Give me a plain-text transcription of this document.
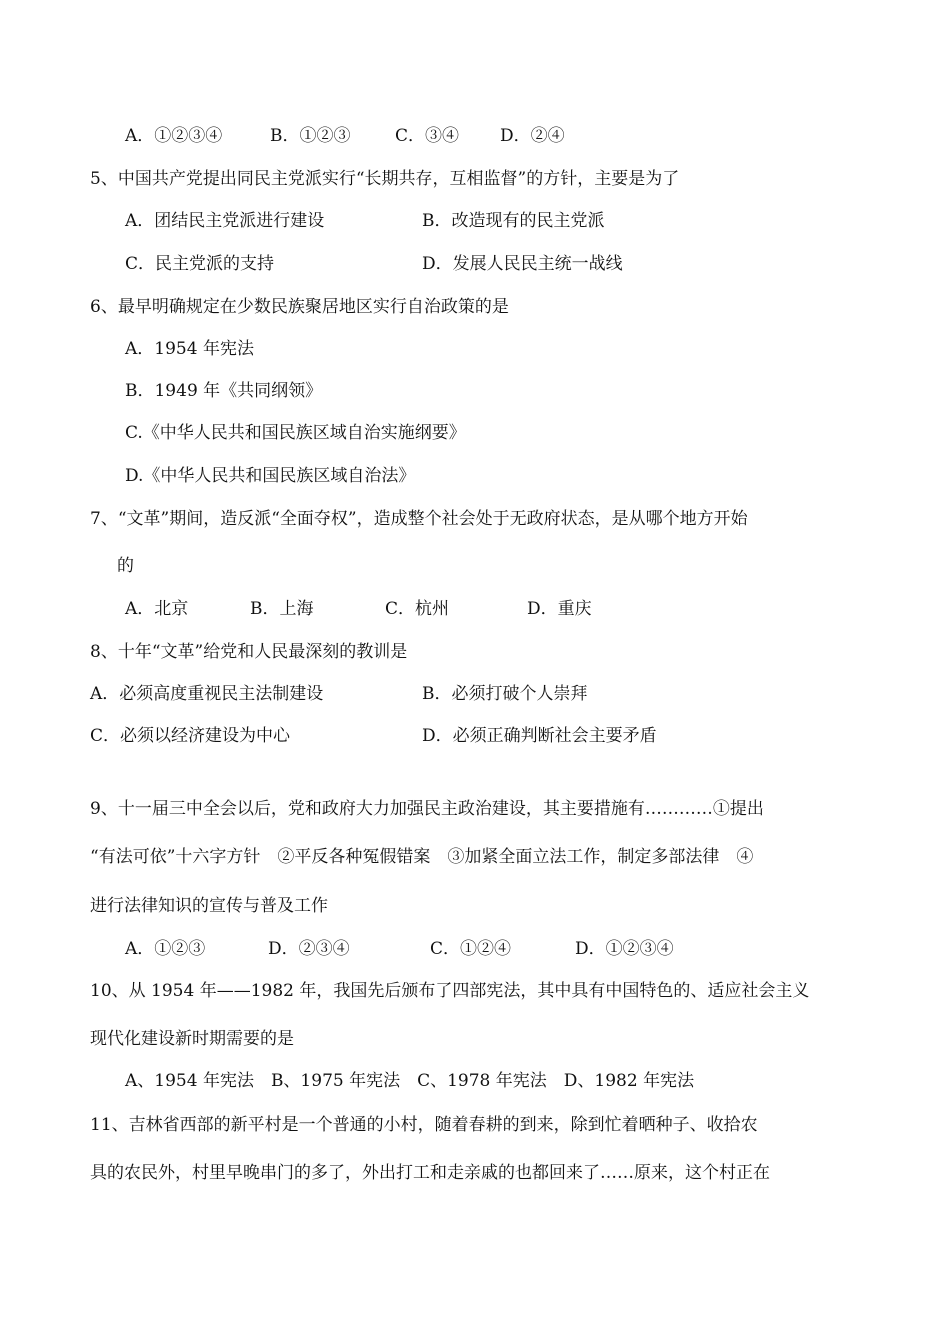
A．①②③④	B．①②③	C．③④ D．②④
5、中国共产党提出同民主党派实行“长期共存，互相监督”的方针，主要是为了
A．团结民主党派进行建设	B．改造现有的民主党派
C．民主党派的支持	D．发展人民民主统一战线
6、最早明确规定在少数民族聚居地区实行自治政策的是
A．1954 年宪法
B．1949 年《共同纲领》
C.《中华人民共和国民族区域自治实施纲要》
D.《中华人民共和国民族区域自治法》
7、“文革”期间，造反派“全面夺权”，造成整个社会处于无政府状态，是从哪个地方开始
的
A．北京	B．上海	C．杭州	D．重庆
8、十年“文革”给党和人民最深刻的教训是
A．必须高度重视民主法制建设	B．必须打破个人崇拜
C．必须以经济建设为中心	D．必须正确判断社会主要矛盾
9、十一届三中全会以后，党和政府大力加强民主政治建设，其主要措施有…………①提出
“有法可依”十六字方针　②平反各种冤假错案　③加紧全面立法工作，制定多部法律　④
进行法律知识的宣传与普及工作
A．①②③	D．②③④	C．①②④	D．①②③④
10、从 1954 年——1982 年，我国先后颁布了四部宪法，其中具有中国特色的、适应社会主义
现代化建设新时期需要的是
A、1954 年宪法　B、1975 年宪法　C、1978 年宪法　D、1982 年宪法
11、吉林省西部的新平村是一个普通的小村，随着春耕的到来，除到忙着晒种子、收拾农
具的农民外，村里早晚串门的多了，外出打工和走亲戚的也都回来了……原来，这个村正在
